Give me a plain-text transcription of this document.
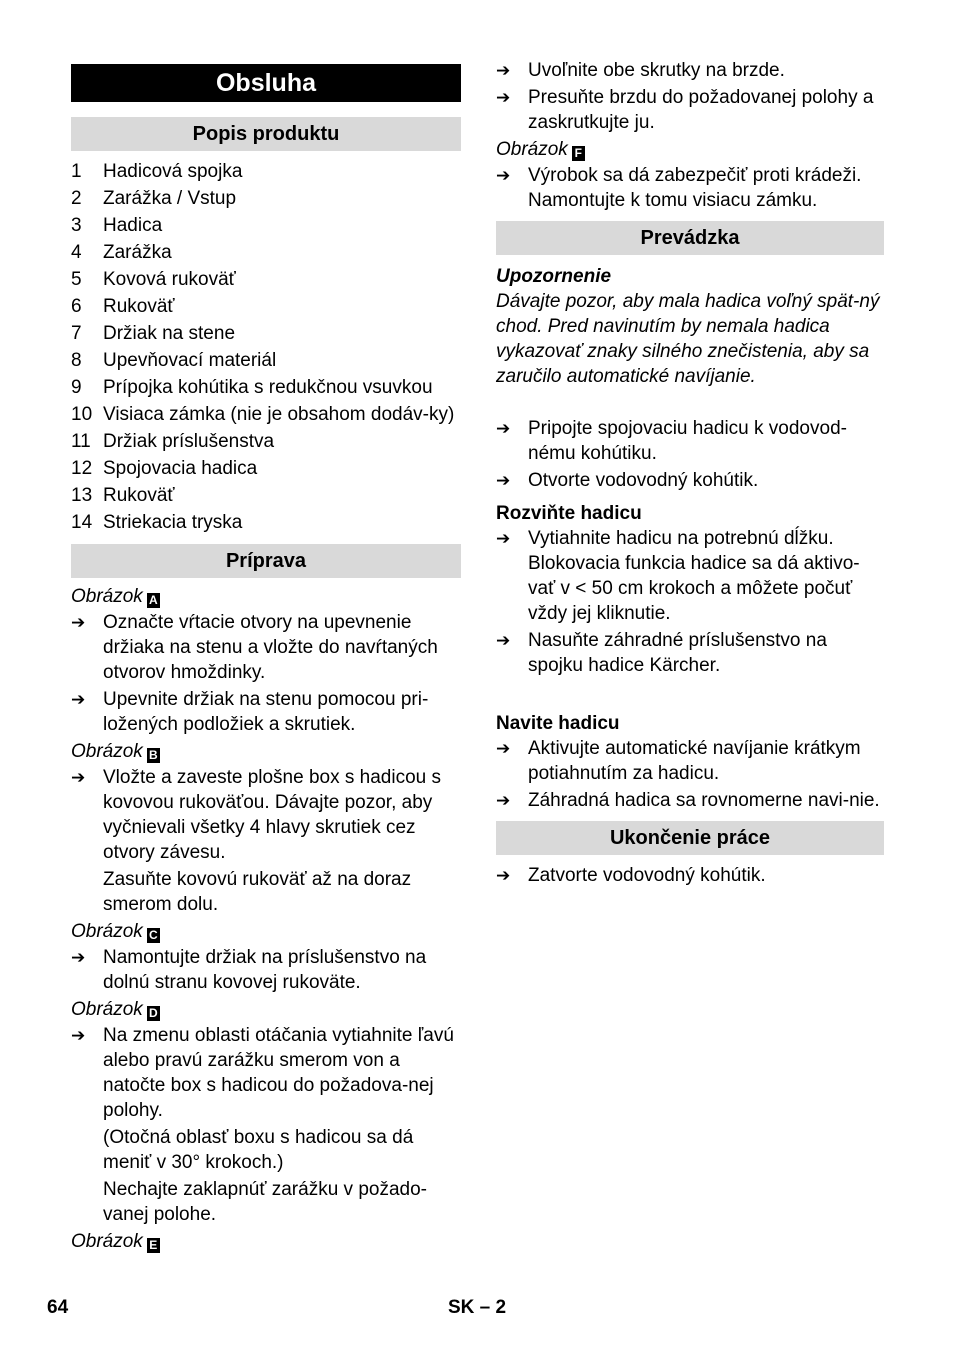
Obsluha
Popis produktu
1	Hadicová spojka
2	Zarážka / Vstup
3	Hadica
4	Zarážka
5	Kovová rukoväť
6	Rukoväť
7	Držiak na stene
8	Upevňovací materiál
9	Prípojka kohútika s redukčnou vsuvkou
10 Visiaca zámka (nie je obsahom dodáv-ky)
11 Držiak príslušenstva
12 Spojovacia hadica
13 Rukoväť
14 Striekacia tryska
Príprava
Obrázok A
➔ Označte vŕtacie otvory na upevnenie držiaka na stenu a vložte do navŕtaných otvorov hmoždinky.
➔ Upevnite držiak na stenu pomocou pri-ložených podložiek a skrutiek.
Obrázok B
➔ Vložte a zaveste plošne box s hadicou s kovovou rukoväťou. Dávajte pozor, aby vyčnievali všetky 4 hlavy skrutiek cez otvory závesu.
Zasuňte kovovú rukoväť až na doraz smerom dolu.
Obrázok C
➔ Namontujte držiak na príslušenstvo na dolnú stranu kovovej rukoväte.
Obrázok D
➔ Na zmenu oblasti otáčania vytiahnite ľavú alebo pravú zarážku smerom von a natočte box s hadicou do požadova-nej polohy.
(Otočná oblasť boxu s hadicou sa dá meniť v 30° krokoch.)
Nechajte zaklapnúť zarážku v požado-vanej polohe.
Obrázok E
➔ Uvoľnite obe skrutky na brzde.
➔ Presuňte brzdu do požadovanej polohy a zaskrutkujte ju.
Obrázok F
➔ Výrobok sa dá zabezpečiť proti krádeži. Namontujte k tomu visiacu zámku.
Prevádzka
Upozornenie
Dávajte pozor, aby mala hadica voľný spät-ný chod. Pred navinutím by nemala hadica vykazovať znaky silného znečistenia, aby sa zaručilo automatické navíjanie.
➔ Pripojte spojovaciu hadicu k vodovod-nému kohútiku.
➔ Otvorte vodovodný kohútik.
Rozviňte hadicu
➔ Vytiahnite hadicu na potrebnú dĺžku. Blokovacia funkcia hadice sa dá aktivo-vať v < 50 cm krokoch a môžete počuť vždy jej kliknutie.
➔ Nasuňte záhradné príslušenstvo na spojku hadice Kärcher.
Navite hadicu
➔ Aktivujte automatické navíjanie krátkym potiahnutím za hadicu.
➔ Záhradná hadica sa rovnomerne navi-nie.
Ukončenie práce
➔ Zatvorte vodovodný kohútik.
64	SK – 2
